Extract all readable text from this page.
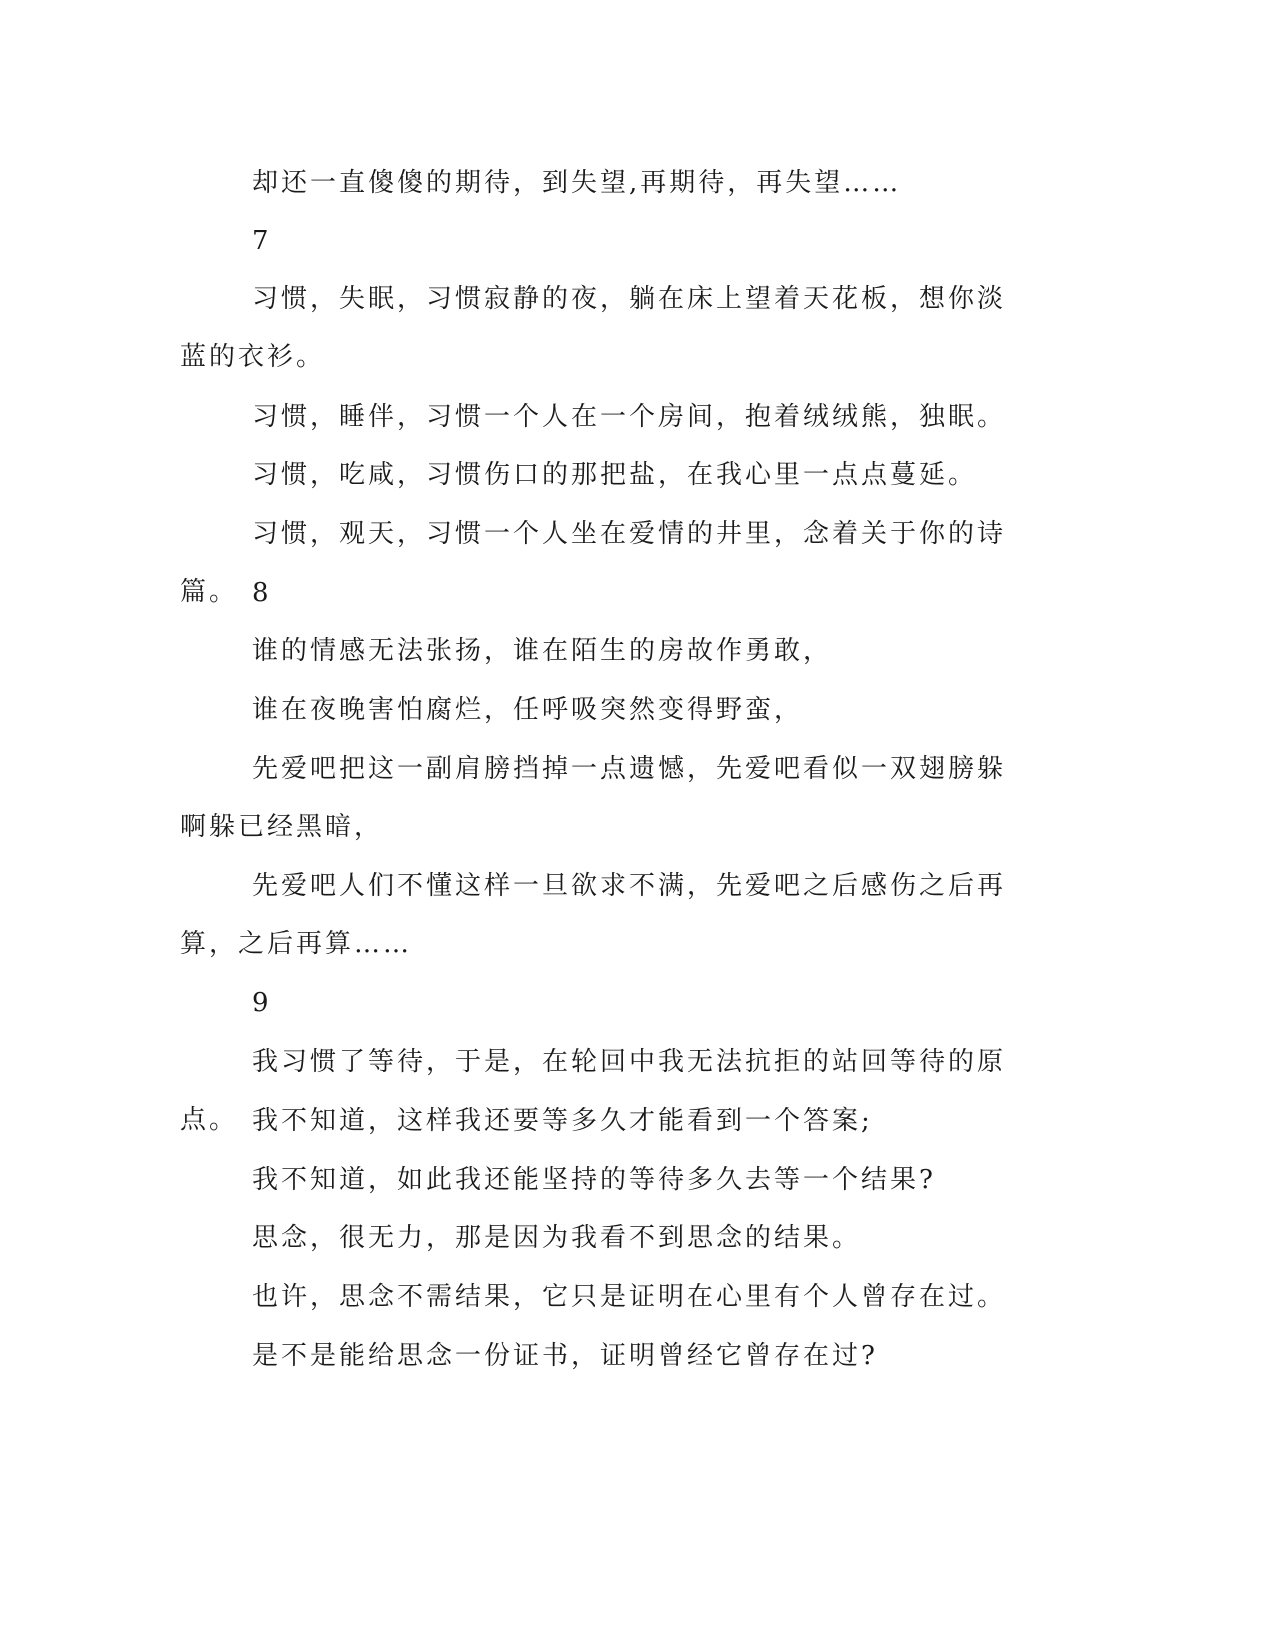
却还一直傻傻的期待，到失望,再期待，再失望……

7

习惯，失眠，习惯寂静的夜，躺在床上望着天花板，想你淡蓝的衣衫。

习惯，睡伴，习惯一个人在一个房间，抱着绒绒熊，独眠。

习惯，吃咸，习惯伤口的那把盐，在我心里一点点蔓延。

习惯，观天，习惯一个人坐在爱情的井里，念着关于你的诗篇。 8

谁的情感无法张扬，谁在陌生的房故作勇敢，

谁在夜晚害怕腐烂，任呼吸突然变得野蛮，

先爱吧把这一副肩膀挡掉一点遗憾，先爱吧看似一双翅膀躲啊躲已经黑暗，

先爱吧人们不懂这样一旦欲求不满，先爱吧之后感伤之后再算，之后再算……

9

我习惯了等待，于是，在轮回中我无法抗拒的站回等待的原点。 我不知道，这样我还要等多久才能看到一个答案;

我不知道，如此我还能坚持的等待多久去等一个结果?

思念，很无力，那是因为我看不到思念的结果。

也许，思念不需结果，它只是证明在心里有个人曾存在过。

是不是能给思念一份证书，证明曾经它曾存在过?
